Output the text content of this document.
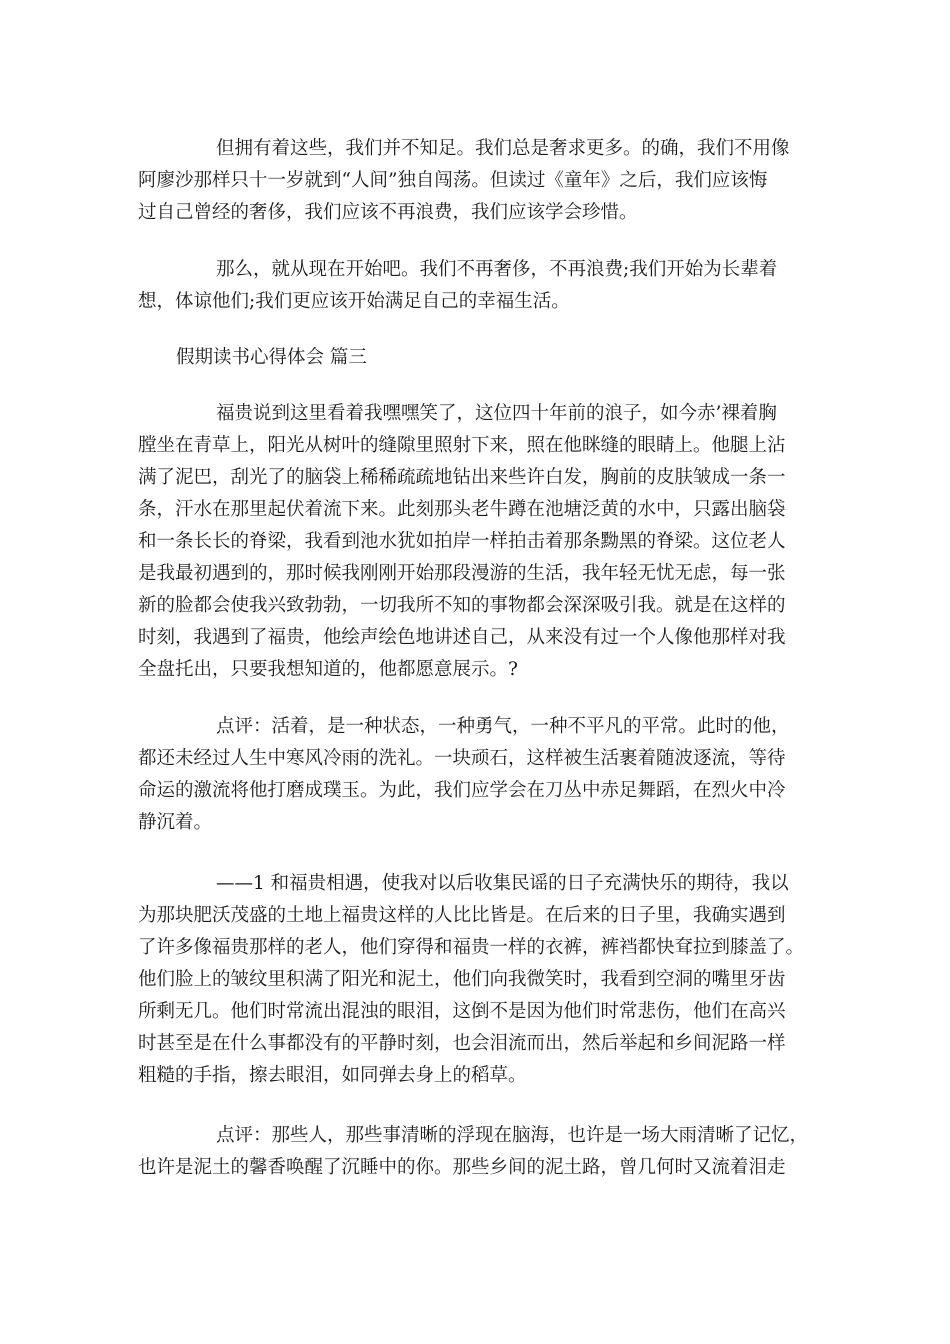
但拥有着这些，我们并不知足。我们总是奢求更多。的确，我们不用像
阿廖沙那样只十一岁就到“人间”独自闯荡。但读过《童年》之后，我们应该悔
过自己曾经的奢侈，我们应该不再浪费，我们应该学会珍惜。
那么，就从现在开始吧。我们不再奢侈，不再浪费;我们开始为长辈着
想，体谅他们;我们更应该开始满足自己的幸福生活。
假期读书心得体会 篇三
福贵说到这里看着我嘿嘿笑了，这位四十年前的浪子，如今赤’裸着胸
膛坐在青草上，阳光从树叶的缝隙里照射下来，照在他眯缝的眼睛上。他腿上沾
满了泥巴，刮光了的脑袋上稀稀疏疏地钻出来些许白发，胸前的皮肤皱成一条一
条，汗水在那里起伏着流下来。此刻那头老牛蹲在池塘泛黄的水中，只露出脑袋
和一条长长的脊梁，我看到池水犹如拍岸一样拍击着那条黝黑的脊梁。这位老人
是我最初遇到的，那时候我刚刚开始那段漫游的生活，我年轻无忧无虑，每一张
新的脸都会使我兴致勃勃，一切我所不知的事物都会深深吸引我。就是在这样的
时刻，我遇到了福贵，他绘声绘色地讲述自己，从来没有过一个人像他那样对我
全盘托出，只要我想知道的，他都愿意展示。?
点评：活着，是一种状态，一种勇气，一种不平凡的平常。此时的他，
都还未经过人生中寒风冷雨的洗礼。一块顽石，这样被生活裹着随波逐流，等待
命运的激流将他打磨成璞玉。为此，我们应学会在刀丛中赤足舞蹈，在烈火中冷
静沉着。
——1 和福贵相遇，使我对以后收集民谣的日子充满快乐的期待，我以
为那块肥沃茂盛的土地上福贵这样的人比比皆是。在后来的日子里，我确实遇到
了许多像福贵那样的老人，他们穿得和福贵一样的衣裤，裤裆都快耷拉到膝盖了。
他们脸上的皱纹里积满了阳光和泥土，他们向我微笑时，我看到空洞的嘴里牙齿
所剩无几。他们时常流出混浊的眼泪，这倒不是因为他们时常悲伤，他们在高兴
时甚至是在什么事都没有的平静时刻，也会泪流而出，然后举起和乡间泥路一样
粗糙的手指，擦去眼泪，如同弹去身上的稻草。
点评：那些人，那些事清晰的浮现在脑海，也许是一场大雨清晰了记忆，
也许是泥土的馨香唤醒了沉睡中的你。那些乡间的泥土路，曾几何时又流着泪走
